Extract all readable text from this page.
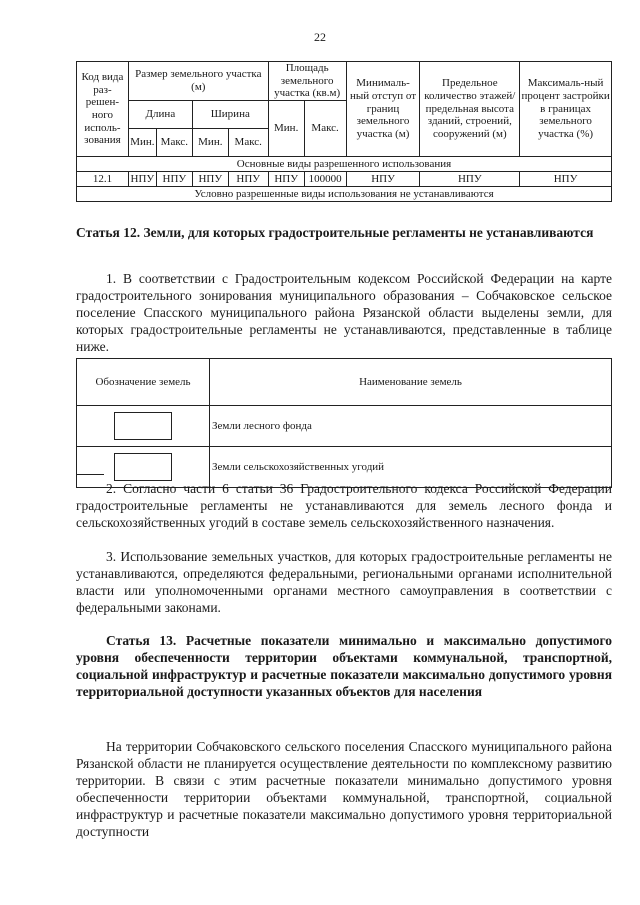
22
Код вида раз-решен-ного исполь-зования	Размер земельного участка (м)				Площадь земельного участка (кв.м)		Минималь-ный отступ от границ земельного участка (м)	Предельное количество этажей/ предельная высота зданий, строений, сооружений (м)	Максималь-ный процент застройки в границах земельного участка (%)
	Длина		Ширина		Мин.	Макс.			
	Мин.	Макс.	Мин.	Макс.					
Основные виды разрешенного использования									
12.1	НПУ	НПУ	НПУ	НПУ	НПУ	100000	НПУ	НПУ	НПУ
Условно разрешенные виды использования не устанавливаются									

Статья 12. Земли, для которых градостроительные регламенты не устанавливаются

1. В соответствии с Градостроительным кодексом Российской Федерации на карте градостроительного зонирования муниципального образования – Собчаковское сельское поселение Спасского муниципального района Рязанской области выделены земли, для которых градостроительные регламенты не устанавливаются, представленные в таблице ниже.

Обозначение земель	Наименование земель
	Земли лесного фонда
	Земли сельскохозяйственных угодий

2. Согласно части 6 статьи 36 Градостроительного кодекса Российской Федерации градостроительные регламенты не устанавливаются для земель лесного фонда и сельскохозяйственных угодий в составе земель сельскохозяйственного назначения.

3. Использование земельных участков, для которых градостроительные регламенты не устанавливаются, определяются федеральными, региональными органами исполнительной власти или уполномоченными органами местного самоуправления в соответствии с федеральными законами.

Статья 13. Расчетные показатели минимально и максимально допустимого уровня обеспеченности территории объектами коммунальной, транспортной, социальной инфраструктур и расчетные показатели максимально допустимого уровня территориальной доступности указанных объектов для населения

На территории Собчаковского сельского поселения Спасского муниципального района Рязанской области не планируется осуществление деятельности по комплексному развитию территории. В связи с этим расчетные показатели минимально допустимого уровня обеспеченности территории объектами коммунальной, транспортной, социальной инфраструктур и расчетные показатели максимально допустимого уровня территориальной доступности
